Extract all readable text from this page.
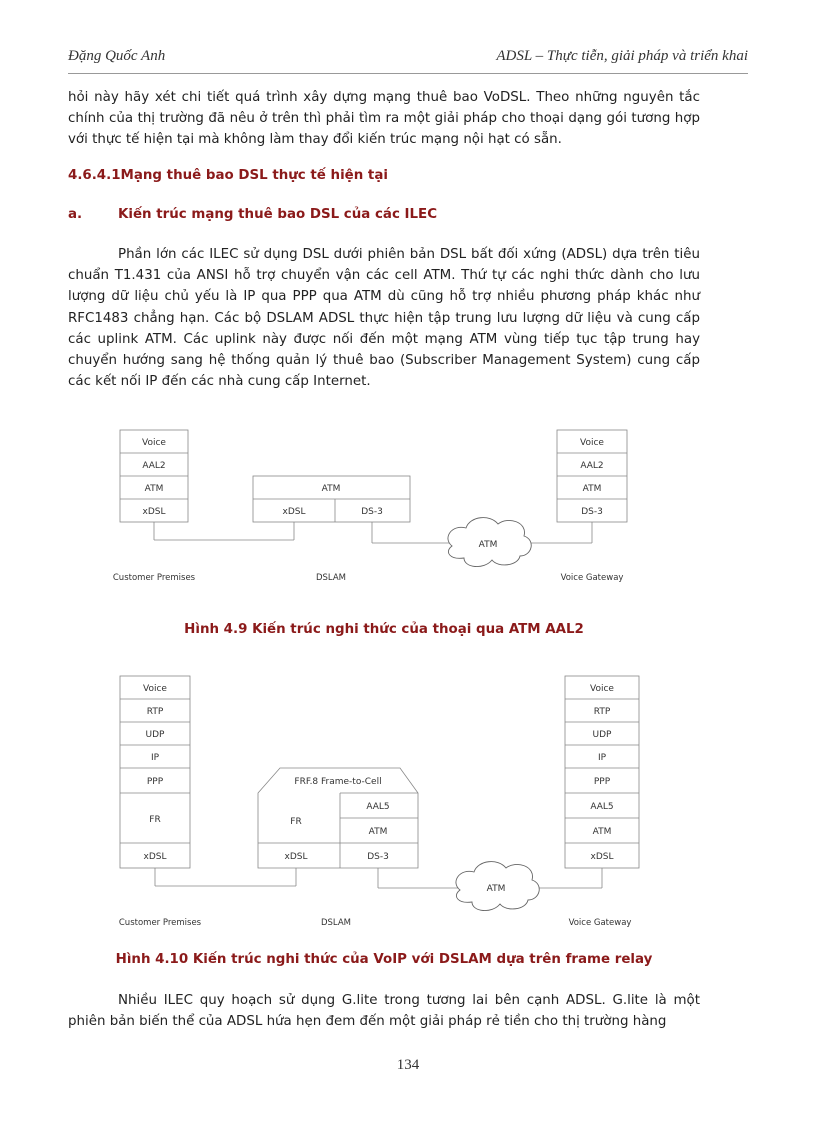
Đặng Quốc Anh	ADSL – Thực tiễn, giải pháp và triển khai
hỏi này hãy xét chi tiết quá trình xây dựng mạng thuê bao VoDSL. Theo những nguyên tắc chính của thị trường đã nêu ở trên thì phải tìm ra một giải pháp cho thoại dạng gói tương hợp với thực tế hiện tại mà không làm thay đổi kiến trúc mạng nội hạt có sẵn.
4.6.4.1Mạng thuê bao DSL thực tế hiện tại
a.	Kiến trúc mạng thuê bao DSL của các ILEC
Phần lớn các ILEC sử dụng DSL dưới phiên bản DSL bất đối xứng (ADSL) dựa trên tiêu chuẩn T1.431 của ANSI hỗ trợ chuyển vận các cell ATM. Thứ tự các nghi thức dành cho lưu lượng dữ liệu chủ yếu là IP qua PPP qua ATM dù cũng hỗ trợ nhiều phương pháp khác như RFC1483 chẳng hạn. Các bộ DSLAM ADSL thực hiện tập trung lưu lượng dữ liệu và cung cấp các uplink ATM. Các uplink này được nối đến một mạng ATM vùng tiếp tục tập trung hay chuyển hướng sang hệ thống quản lý thuê bao (Subscriber Management System) cung cấp các kết nối IP đến các nhà cung cấp Internet.
Voice
AAL2
ATM
xDSL
ATM
xDSL	DS-3
Voice
AAL2
ATM
DS-3
ATM
Customer Premises	DSLAM	Voice Gateway
Hình 4.9 Kiến trúc nghi thức của thoại qua ATM AAL2
Voice
RTP
UDP
IP
PPP
FR
xDSL
FRF.8 Frame-to-Cell
FR
xDSL
AAL5
ATM
DS-3
Voice
RTP
UDP
IP
PPP
AAL5
ATM
xDSL
ATM
Customer Premises	DSLAM	Voice Gateway
Hình 4.10 Kiến trúc nghi thức của VoIP với DSLAM dựa trên frame relay
Nhiều ILEC quy hoạch sử dụng G.lite trong tương lai bên cạnh ADSL. G.lite là một phiên bản biến thể của ADSL hứa hẹn đem đến một giải pháp rẻ tiền cho thị trường hàng
134
